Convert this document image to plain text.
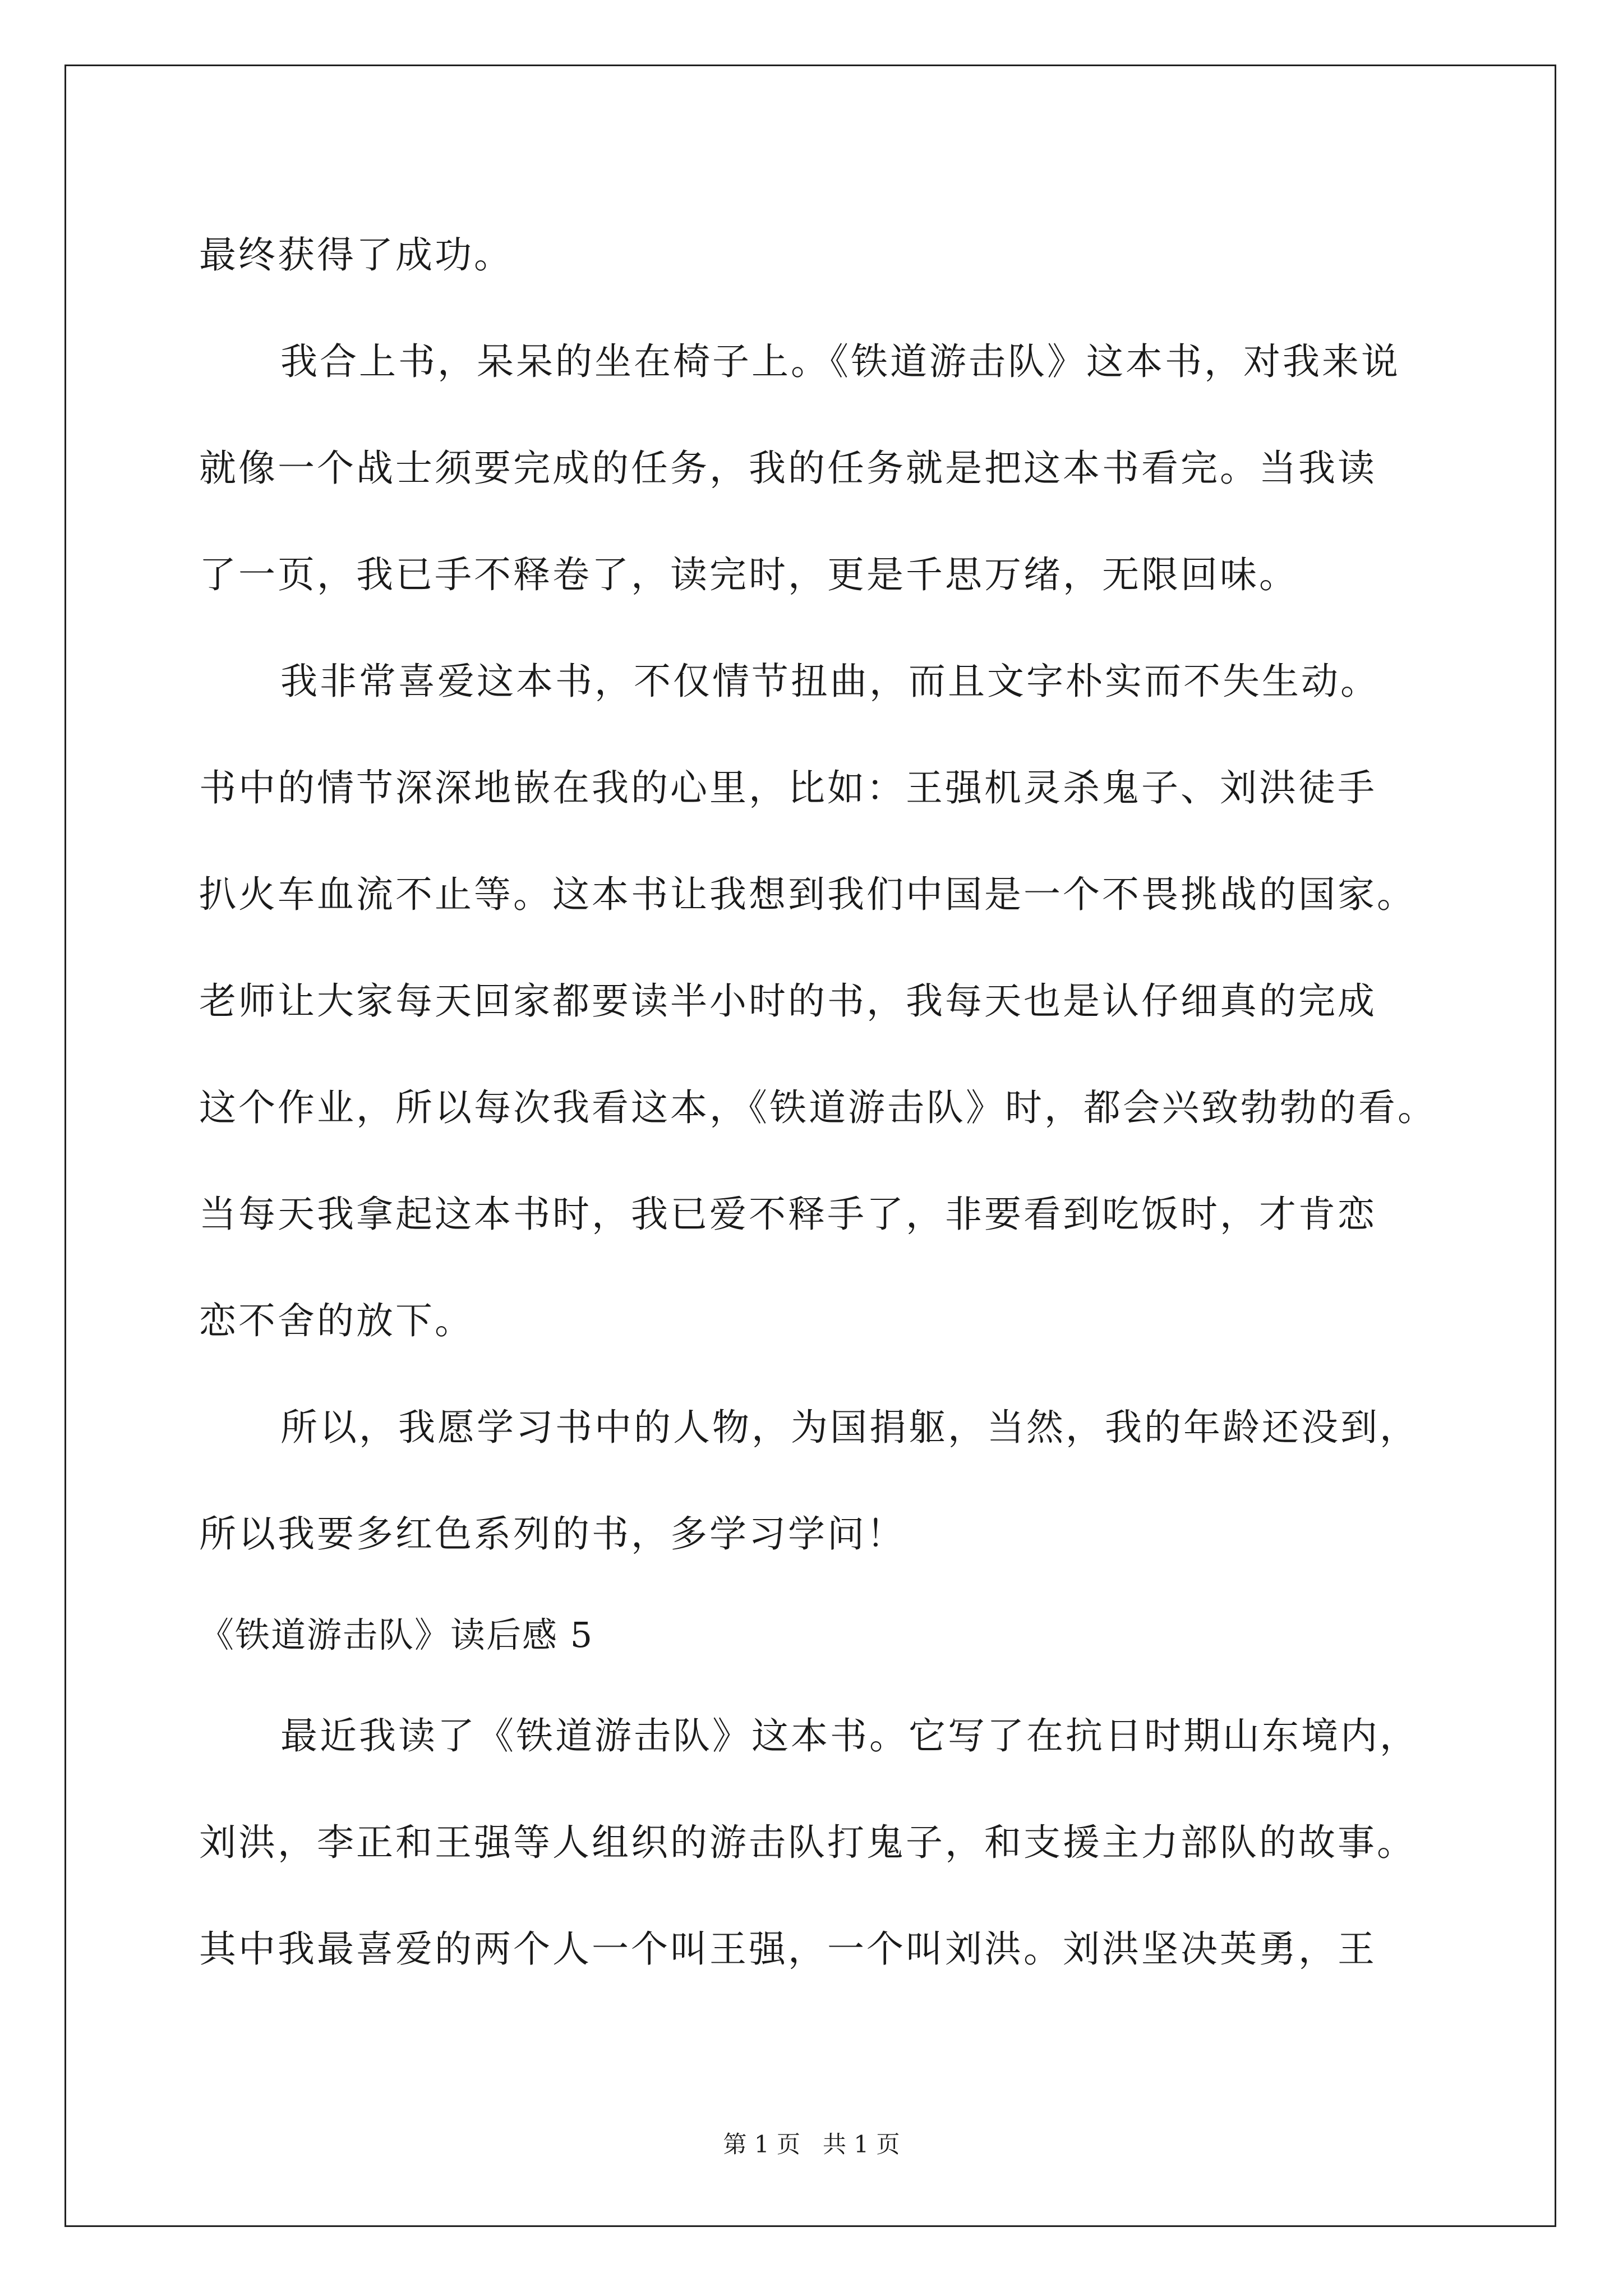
最终获得了成功。
我合上书，呆呆的坐在椅子上。《铁道游击队》这本书，对我来说
就像一个战士须要完成的任务，我的任务就是把这本书看完。当我读
了一页，我已手不释卷了，读完时，更是千思万绪，无限回味。
我非常喜爱这本书，不仅情节扭曲，而且文字朴实而不失生动。
书中的情节深深地嵌在我的心里，比如：王强机灵杀鬼子、刘洪徒手
扒火车血流不止等。这本书让我想到我们中国是一个不畏挑战的国家。
老师让大家每天回家都要读半小时的书，我每天也是认仔细真的完成
这个作业，所以每次我看这本，《铁道游击队》时，都会兴致勃勃的看。
当每天我拿起这本书时，我已爱不释手了，非要看到吃饭时，才肯恋
恋不舍的放下。
所以，我愿学习书中的人物，为国捐躯，当然，我的年龄还没到，
所以我要多红色系列的书，多学习学问！
《铁道游击队》读后感 5
最近我读了《铁道游击队》这本书。它写了在抗日时期山东境内，
刘洪，李正和王强等人组织的游击队打鬼子，和支援主力部队的故事。
其中我最喜爱的两个人一个叫王强，一个叫刘洪。刘洪坚决英勇，王
第 1 页   共 1 页
